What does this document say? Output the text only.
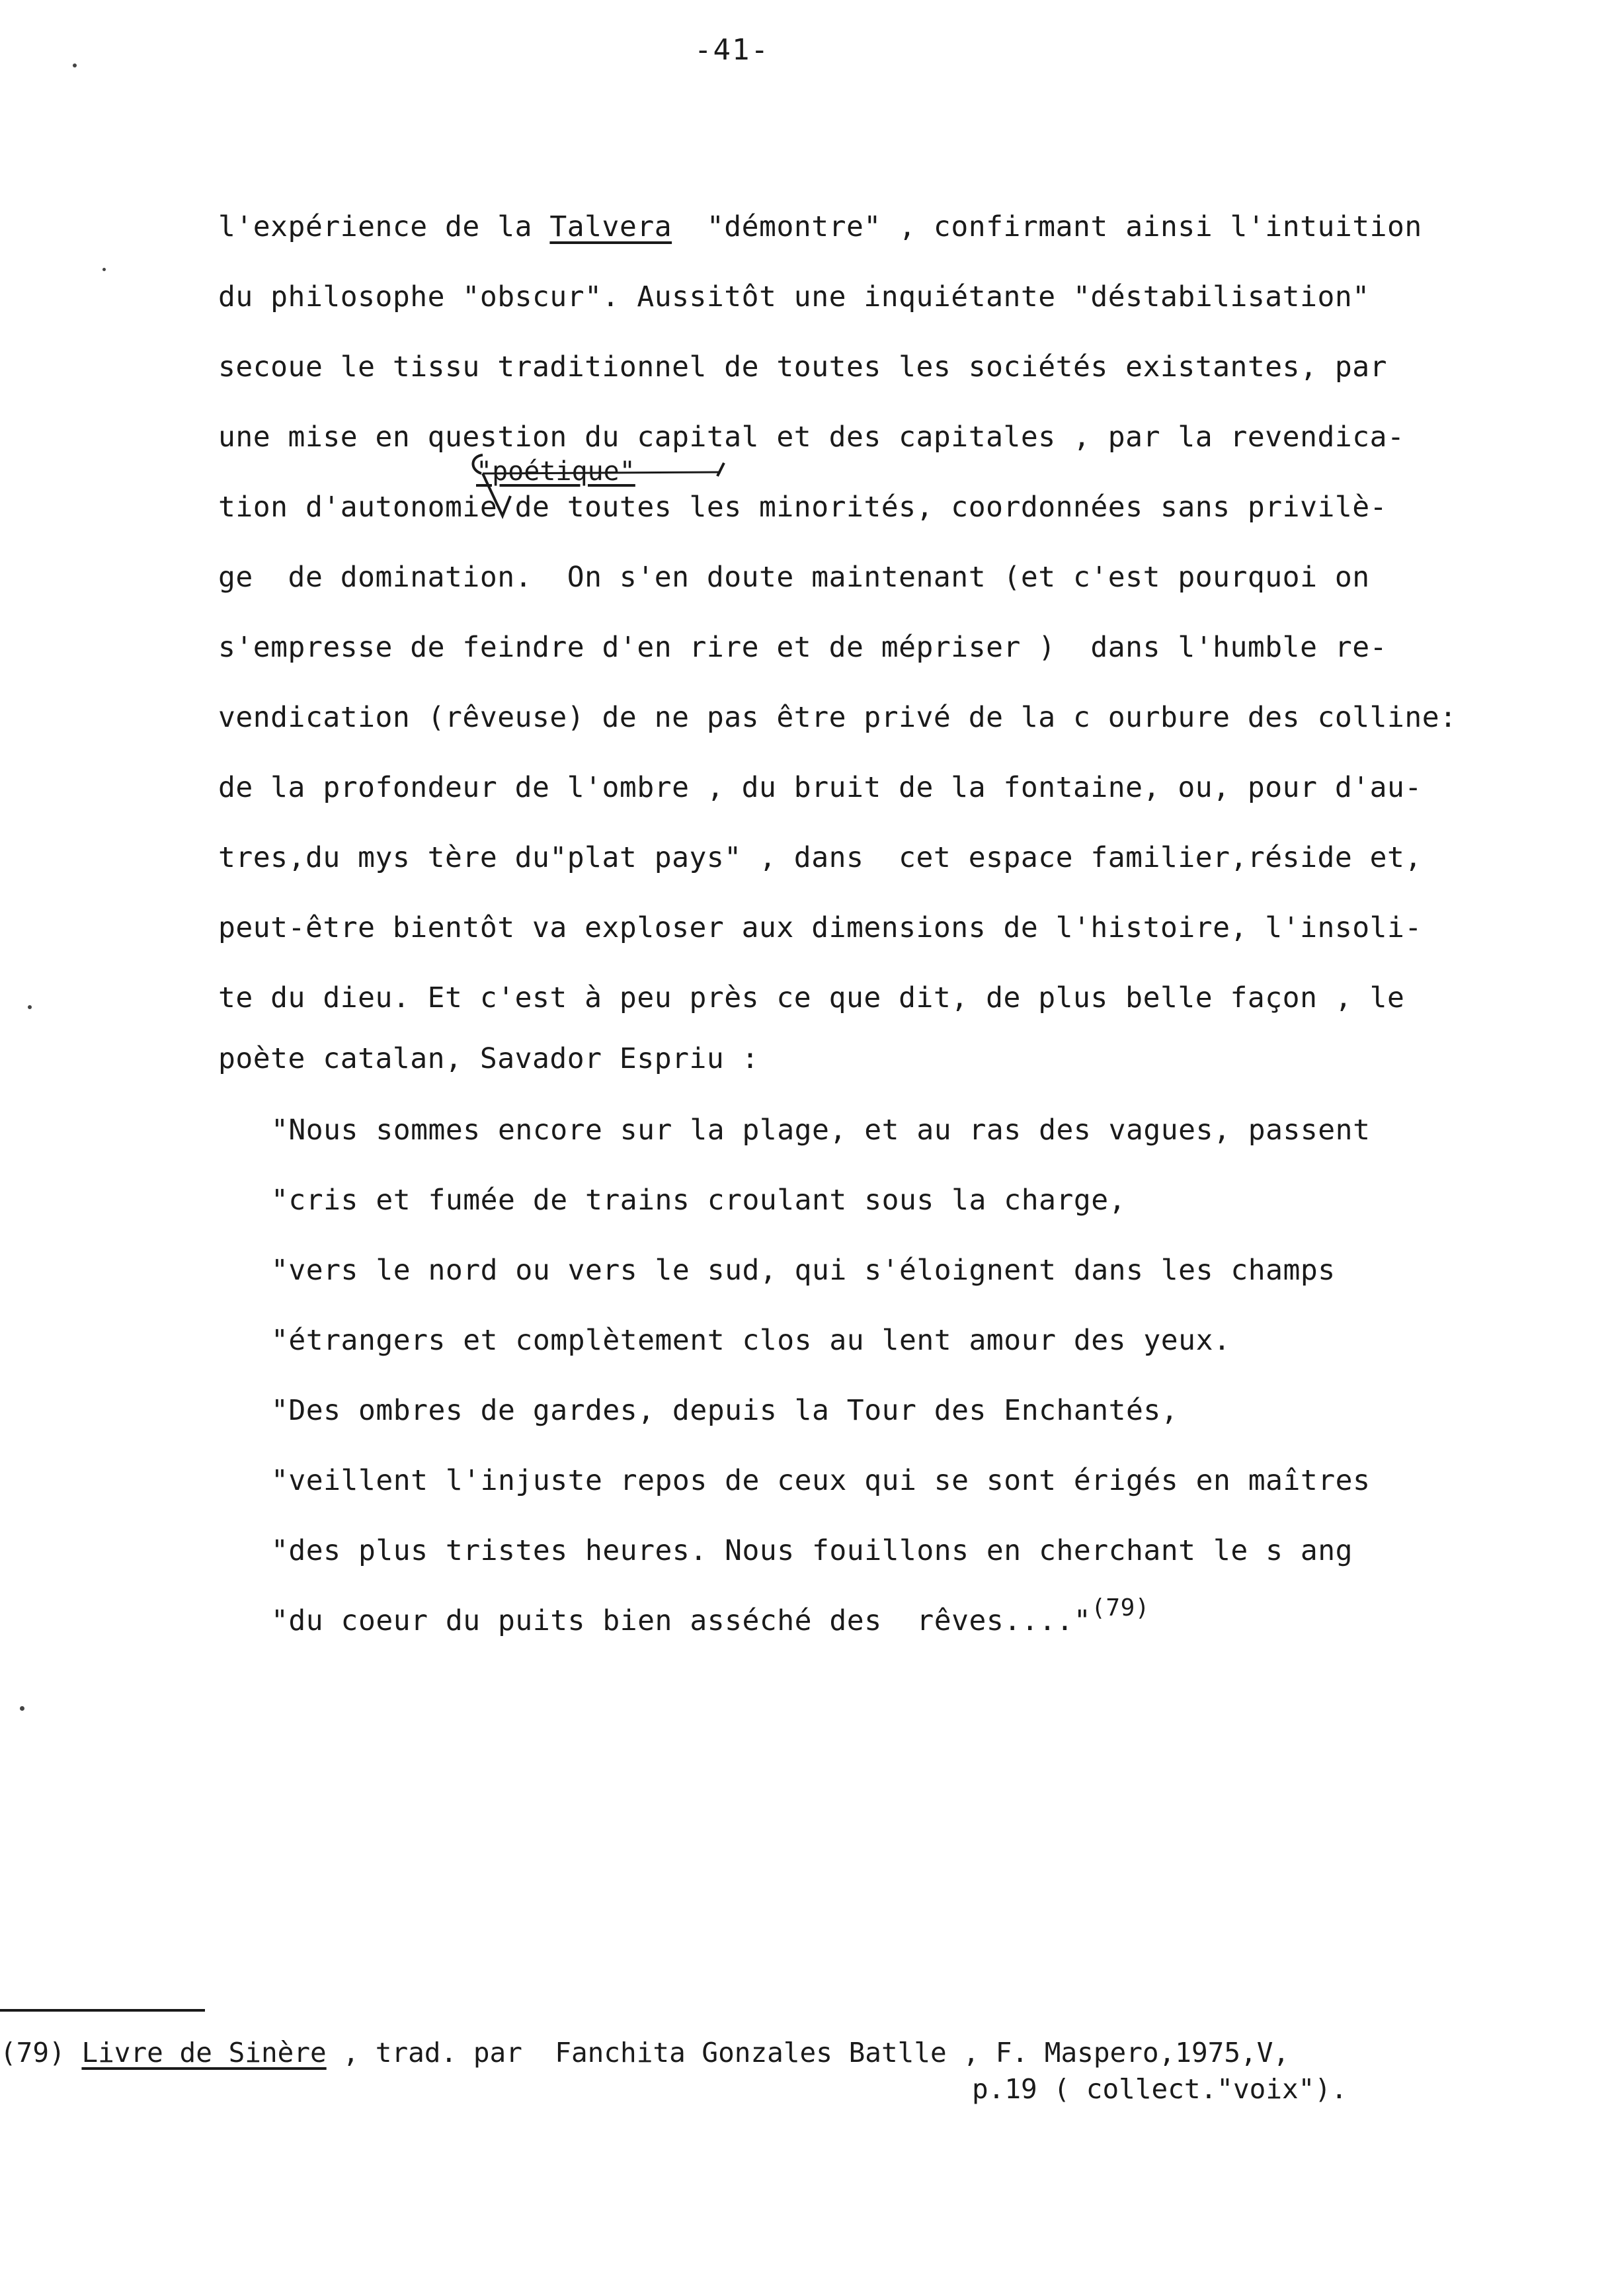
-41-
l'expérience de la Talvera  "démontre" , confirmant ainsi l'intuition
du philosophe "obscur". Aussitôt une inquiétante "déstabilisation"
secoue le tissu traditionnel de toutes les sociétés existantes, par
une mise en question du capital et des capitales , par la revendica-
"poétique"
tion d'autonomie de toutes les minorités, coordonnées sans privilè-
ge  de domination.  On s'en doute maintenant (et c'est pourquoi on
s'empresse de feindre d'en rire et de mépriser )  dans l'humble re-
vendication (rêveuse) de ne pas être privé de la c ourbure des colline:
de la profondeur de l'ombre , du bruit de la fontaine, ou, pour d'au-
tres,du mys tère du"plat pays" , dans  cet espace familier,réside et,
peut-être bientôt va exploser aux dimensions de l'histoire, l'insoli-
te du dieu. Et c'est à peu près ce que dit, de plus belle façon , le
poète catalan, Savador Espriu :
"Nous sommes encore sur la plage, et au ras des vagues, passent
"cris et fumée de trains croulant sous la charge,
"vers le nord ou vers le sud, qui s'éloignent dans les champs
"étrangers et complètement clos au lent amour des yeux.
"Des ombres de gardes, depuis la Tour des Enchantés,
"veillent l'injuste repos de ceux qui se sont érigés en maîtres
"des plus tristes heures. Nous fouillons en cherchant le s ang
"du coeur du puits bien asséché des  rêves...."$^{(79)}$
(79) Livre de Sinère , trad. par  Fanchita Gonzales Batlle , F. Maspero,1975,V,
p.19 ( collect."voix").
